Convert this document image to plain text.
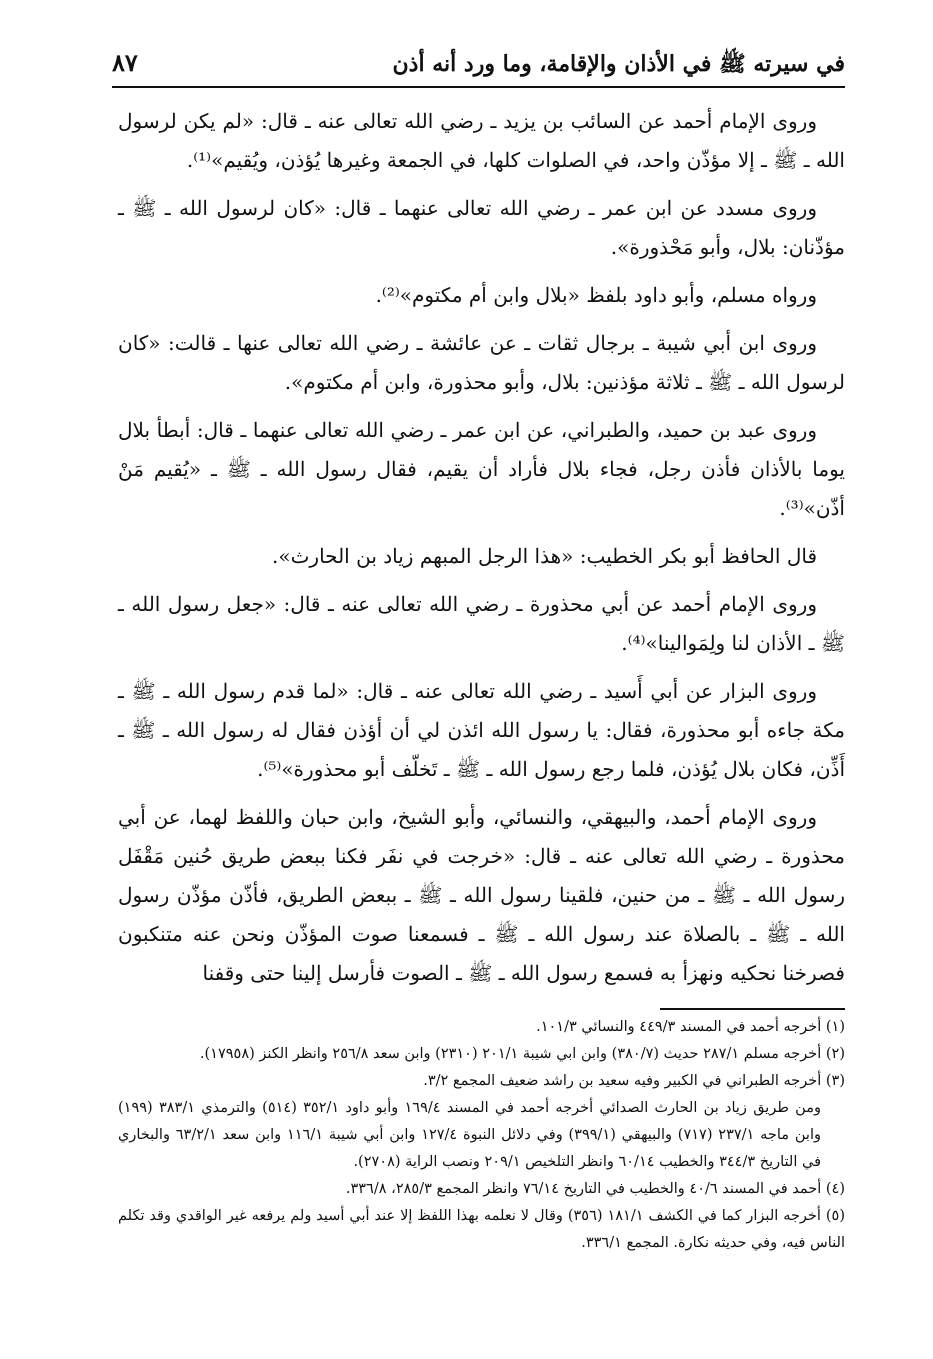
في سيرته ﷺ في الأذان والإقامة، وما ورد أنه أذن
٨٧

وروى الإمام أحمد عن السائب بن يزيد ـ رضي الله تعالى عنه ـ قال: «لم يكن لرسول الله ـ ﷺ ـ إلا مؤذّن واحد، في الصلوات كلها، في الجمعة وغيرها يُؤذن، ويُقيم»⁽¹⁾.

وروى مسدد عن ابن عمر ـ رضي الله تعالى عنهما ـ قال: «كان لرسول الله ـ ﷺ ـ مؤذّنان: بلال، وأبو مَحْذورة».

ورواه مسلم، وأبو داود بلفظ «بلال وابن أم مكتوم»⁽²⁾.

وروى ابن أبي شيبة ـ برجال ثقات ـ عن عائشة ـ رضي الله تعالى عنها ـ قالت: «كان لرسول الله ـ ﷺ ـ ثلاثة مؤذنين: بلال، وأبو محذورة، وابن أم مكتوم».

وروى عبد بن حميد، والطبراني، عن ابن عمر ـ رضي الله تعالى عنهما ـ قال: أبطأ بلال يوما بالأذان فأذن رجل، فجاء بلال فأراد أن يقيم، فقال رسول الله ـ ﷺ ـ «يُقيم مَنْ أذّن»⁽³⁾.

قال الحافظ أبو بكر الخطيب: «هذا الرجل المبهم زياد بن الحارث».

وروى الإمام أحمد عن أبي محذورة ـ رضي الله تعالى عنه ـ قال: «جعل رسول الله ـ ﷺ ـ الأذان لنا ولِمَوالينا»⁽⁴⁾.

وروى البزار عن أبي أَسيد ـ رضي الله تعالى عنه ـ قال: «لما قدم رسول الله ـ ﷺ ـ مكة جاءه أبو محذورة، فقال: يا رسول الله ائذن لي أن أؤذن فقال له رسول الله ـ ﷺ ـ أَذِّن، فكان بلال يُؤذن، فلما رجع رسول الله ـ ﷺ ـ تَخلّف أبو محذورة»⁽⁵⁾.

وروى الإمام أحمد، والبيهقي، والنسائي، وأبو الشيخ، وابن حبان واللفظ لهما، عن أبي محذورة ـ رضي الله تعالى عنه ـ قال: «خرجت في نفَر فكنا ببعض طريق حُنين مَقْفَل رسول الله ـ ﷺ ـ من حنين، فلقينا رسول الله ـ ﷺ ـ ببعض الطريق، فأذّن مؤذّن رسول الله ـ ﷺ ـ بالصلاة عند رسول الله ـ ﷺ ـ فسمعنا صوت المؤذّن ونحن عنه متنكبون فصرخنا نحكيه ونهزأ به فسمع رسول الله ـ ﷺ ـ الصوت فأرسل إلينا حتى وقفنا

(١) أخرجه أحمد في المسند ٤٤٩/٣ والنسائي ١٠١/٣.

(٢) أخرجه مسلم ٢٨٧/١ حديث (٣٨٠/٧) وابن ابي شيبة ٢٠١/١ (٢٣١٠) وابن سعد ٢٥٦/٨ وانظر الكنز (١٧٩٥٨).

(٣) أخرجه الطبراني في الكبير وفيه سعيد بن راشد ضعيف المجمع ٣/٢.

ومن طريق زياد بن الحارث الصدائي أخرجه أحمد في المسند ١٦٩/٤ وأبو داود ٣٥٢/١ (٥١٤) والترمذي ٣٨٣/١ (١٩٩) وابن ماجه ٢٣٧/١ (٧١٧) والبيهقي (٣٩٩/١) وفي دلائل النبوة ١٢٧/٤ وابن أبي شيبة ١١٦/١ وابن سعد ٦٣/٢/١ والبخاري في التاريخ ٣٤٤/٣ والخطيب ٦٠/١٤ وانظر التلخيص ٢٠٩/١ ونصب الراية (٢٧٠٨).

(٤) أحمد في المسند ٤٠/٦ والخطيب في التاريخ ٧٦/١٤ وانظر المجمع ٢٨٥/٣، ٣٣٦/٨.

(٥) أخرجه البزار كما في الكشف ١٨١/١ (٣٥٦) وقال لا نعلمه بهذا اللفظ إلا عند أبي أسيد ولم يرفعه غير الواقدي وقد تكلم الناس فيه، وفي حديثه نكارة. المجمع ٣٣٦/١.
